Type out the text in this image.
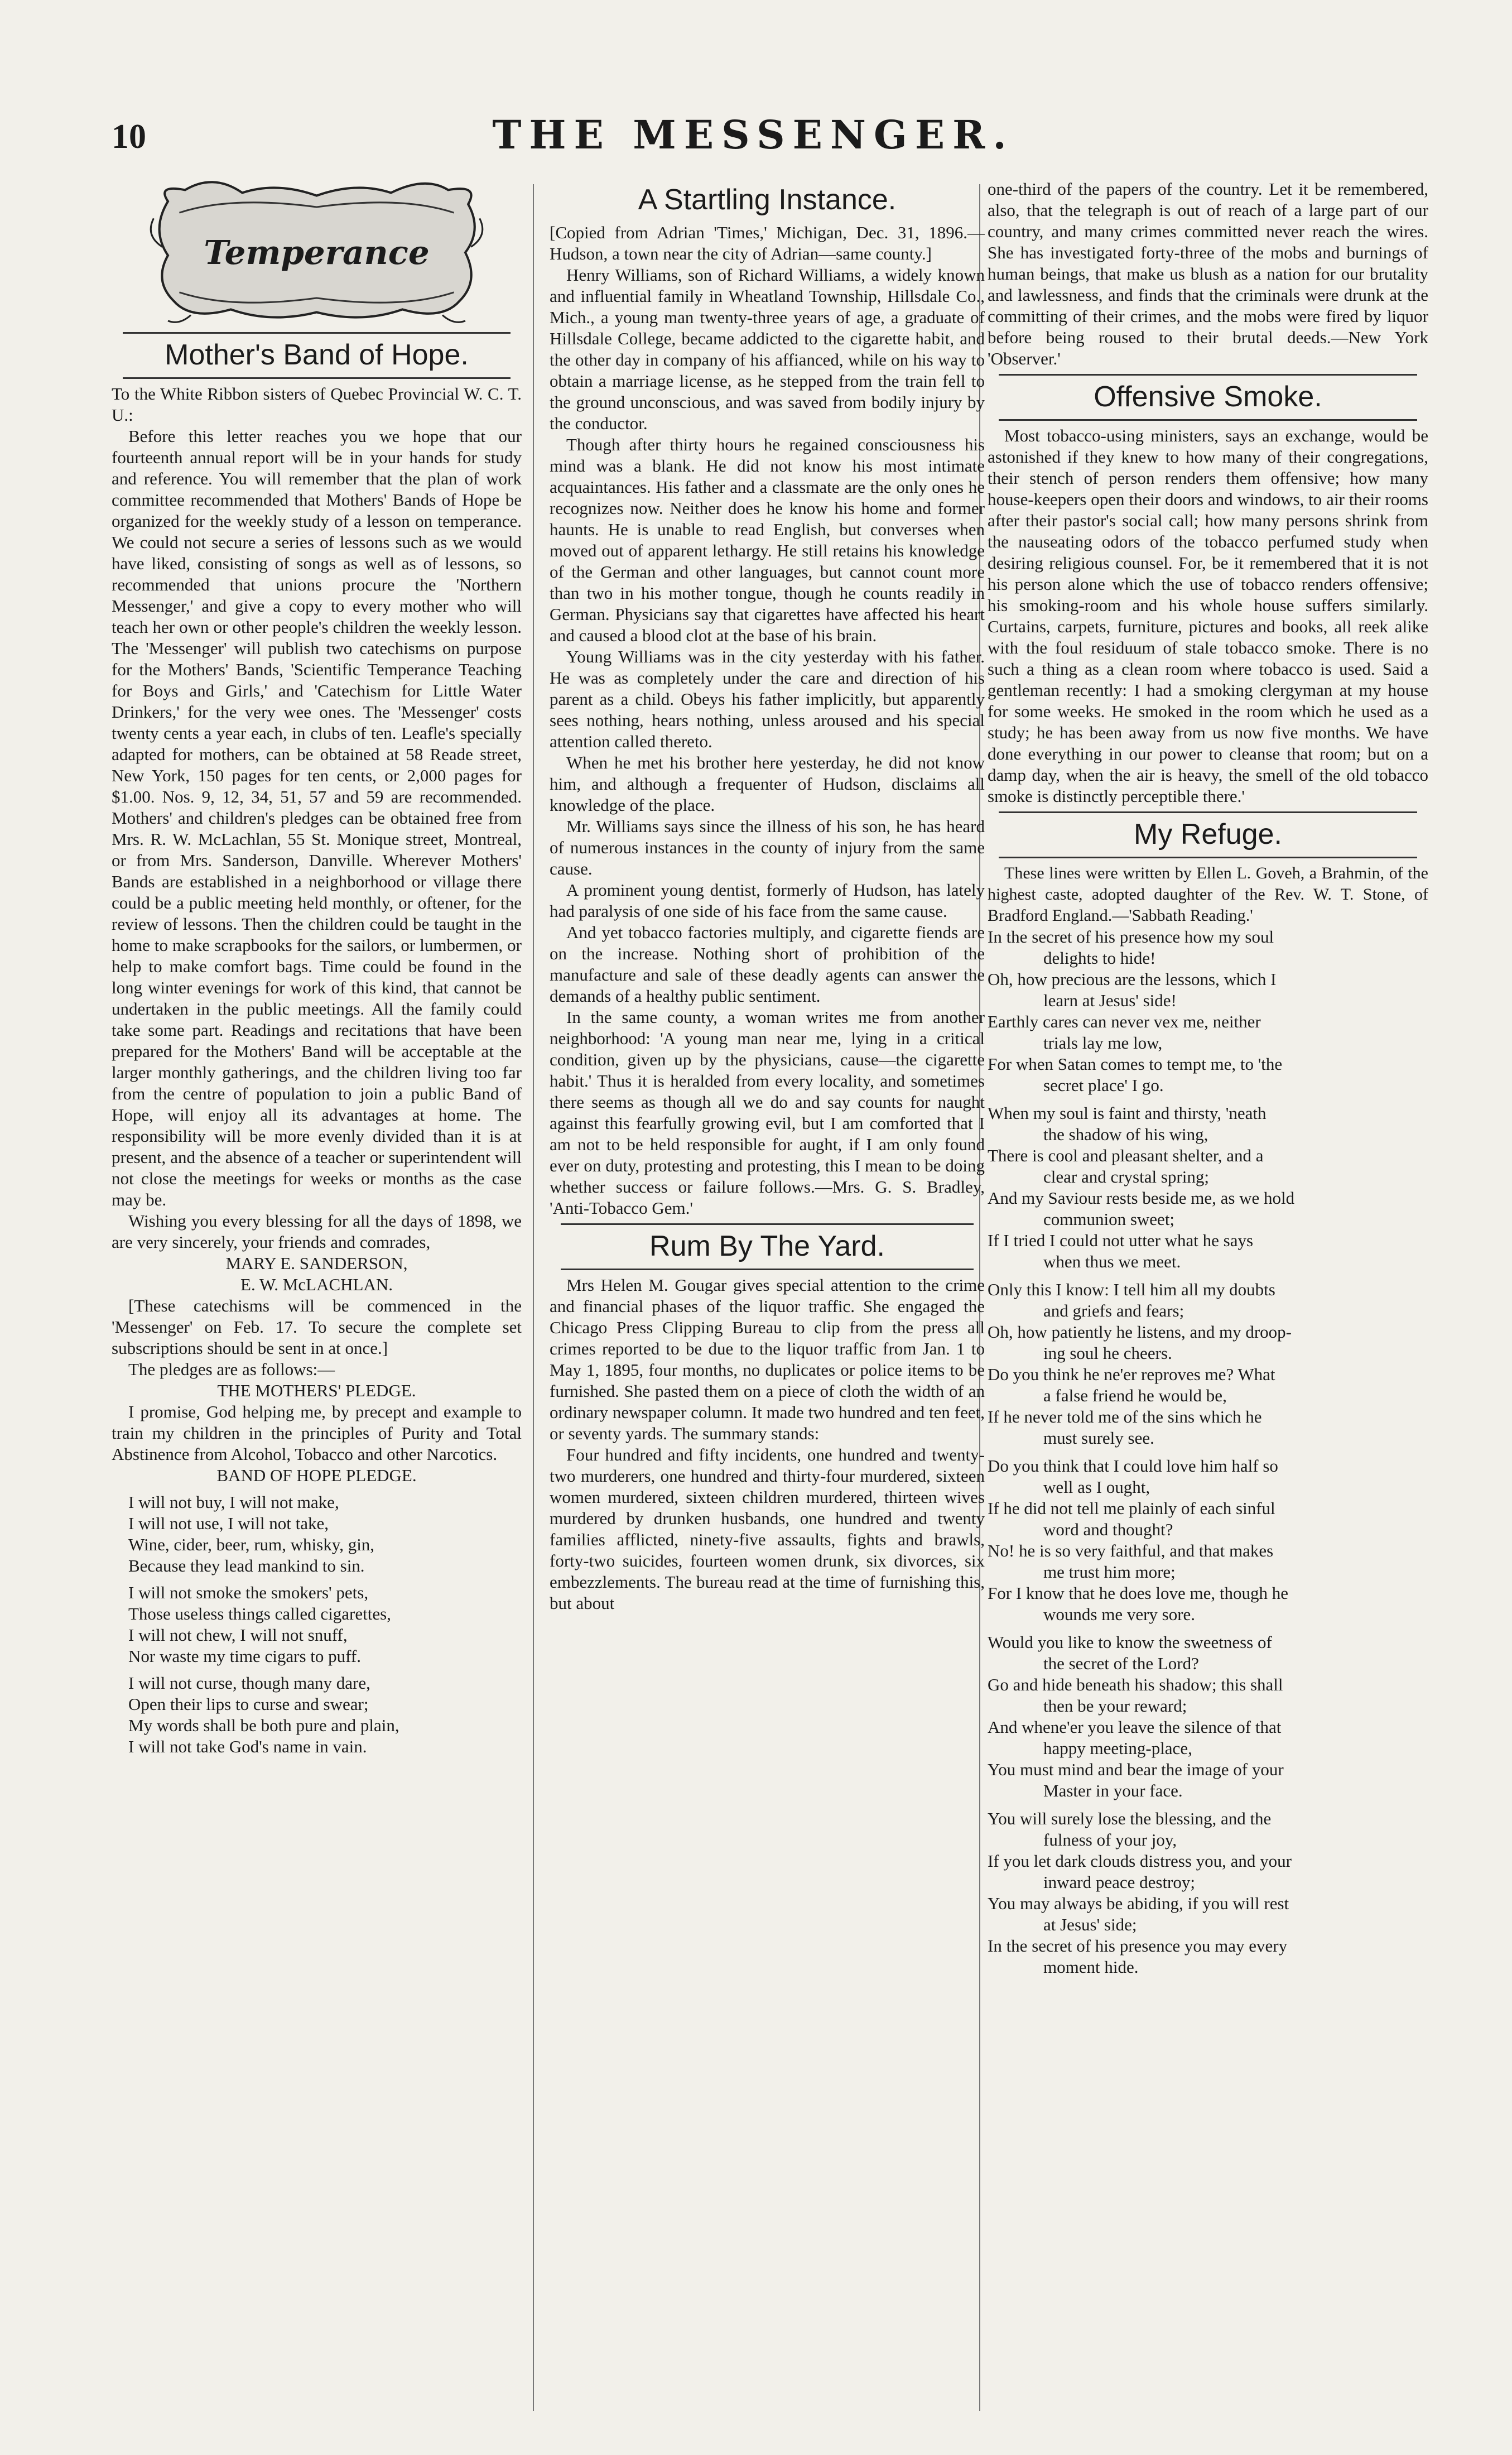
10	THE MESSENGER.
Temperance
Mother's Band of Hope.

To the White Ribbon sisters of Quebec Provincial W. C. T. U.:

Before this letter reaches you we hope that our fourteenth annual report will be in your hands for study and reference. You will remember that the plan of work committee recommended that Mothers' Bands of Hope be organized for the weekly study of a lesson on temperance. We could not secure a series of lessons such as we would have liked, consisting of songs as well as of lessons, so recommended that unions procure the 'Northern Messenger,' and give a copy to every mother who will teach her own or other people's children the weekly lesson. The 'Messenger' will publish two catechisms on purpose for the Mothers' Bands, 'Scientific Temperance Teaching for Boys and Girls,' and 'Catechism for Little Water Drinkers,' for the very wee ones. The 'Messenger' costs twenty cents a year each, in clubs of ten. Leafle's specially adapted for mothers, can be obtained at 58 Reade street, New York, 150 pages for ten cents, or 2,000 pages for $1.00. Nos. 9, 12, 34, 51, 57 and 59 are recommended. Mothers' and children's pledges can be obtained free from Mrs. R. W. McLachlan, 55 St. Monique street, Montreal, or from Mrs. Sanderson, Danville. Wherever Mothers' Bands are established in a neighborhood or village there could be a public meeting held monthly, or oftener, for the review of lessons. Then the children could be taught in the home to make scrapbooks for the sailors, or lumbermen, or help to make comfort bags. Time could be found in the long winter evenings for work of this kind, that cannot be undertaken in the public meetings. All the family could take some part. Readings and recitations that have been prepared for the Mothers' Band will be acceptable at the larger monthly gatherings, and the children living too far from the centre of population to join a public Band of Hope, will enjoy all its advantages at home. The responsibility will be more evenly divided than it is at present, and the absence of a teacher or superintendent will not close the meetings for weeks or months as the case may be.

Wishing you every blessing for all the days of 1898, we are very sincerely, your friends and comrades,

MARY E. SANDERSON,

E. W. McLACHLAN.

[These catechisms will be commenced in the 'Messenger' on Feb. 17. To secure the complete set subscriptions should be sent in at once.]

The pledges are as follows:—

THE MOTHERS' PLEDGE.

I promise, God helping me, by precept and example to train my children in the principles of Purity and Total Abstinence from Alcohol, Tobacco and other Narcotics.

BAND OF HOPE PLEDGE.

I will not buy, I will not make,

I will not use, I will not take,

Wine, cider, beer, rum, whisky, gin,

Because they lead mankind to sin.

I will not smoke the smokers' pets,

Those useless things called cigarettes,

I will not chew, I will not snuff,

Nor waste my time cigars to puff.

I will not curse, though many dare,

Open their lips to curse and swear;

My words shall be both pure and plain,

I will not take God's name in vain.

A Startling Instance.

[Copied from Adrian 'Times,' Michigan, Dec. 31, 1896.—Hudson, a town near the city of Adrian—same county.]

Henry Williams, son of Richard Williams, a widely known and influential family in Wheatland Township, Hillsdale Co., Mich., a young man twenty-three years of age, a graduate of Hillsdale College, became addicted to the cigarette habit, and the other day in company of his affianced, while on his way to obtain a marriage license, as he stepped from the train fell to the ground unconscious, and was saved from bodily injury by the conductor.

Though after thirty hours he regained consciousness his mind was a blank. He did not know his most intimate acquaintances. His father and a classmate are the only ones he recognizes now. Neither does he know his home and former haunts. He is unable to read English, but converses when moved out of apparent lethargy. He still retains his knowledge of the German and other languages, but cannot count more than two in his mother tongue, though he counts readily in German. Physicians say that cigarettes have affected his heart and caused a blood clot at the base of his brain.

Young Williams was in the city yesterday with his father. He was as completely under the care and direction of his parent as a child. Obeys his father implicitly, but apparently sees nothing, hears nothing, unless aroused and his special attention called thereto.

When he met his brother here yesterday, he did not know him, and although a frequenter of Hudson, disclaims all knowledge of the place.

Mr. Williams says since the illness of his son, he has heard of numerous instances in the county of injury from the same cause.

A prominent young dentist, formerly of Hudson, has lately had paralysis of one side of his face from the same cause.

And yet tobacco factories multiply, and cigarette fiends are on the increase. Nothing short of prohibition of the manufacture and sale of these deadly agents can answer the demands of a healthy public sentiment.

In the same county, a woman writes me from another neighborhood: 'A young man near me, lying in a critical condition, given up by the physicians, cause—the cigarette habit.' Thus it is heralded from every locality, and sometimes there seems as though all we do and say counts for naught against this fearfully growing evil, but I am comforted that I am not to be held responsible for aught, if I am only found ever on duty, protesting and protesting, this I mean to be doing whether success or failure follows.—Mrs. G. S. Bradley, 'Anti-Tobacco Gem.'

Rum By The Yard.

Mrs Helen M. Gougar gives special attention to the crime and financial phases of the liquor traffic. She engaged the Chicago Press Clipping Bureau to clip from the press all crimes reported to be due to the liquor traffic from Jan. 1 to May 1, 1895, four months, no duplicates or police items to be furnished. She pasted them on a piece of cloth the width of an ordinary newspaper column. It made two hundred and ten feet, or seventy yards. The summary stands:

Four hundred and fifty incidents, one hundred and twenty-two murderers, one hundred and thirty-four murdered, sixteen women murdered, sixteen children murdered, thirteen wives murdered by drunken husbands, one hundred and twenty families afflicted, ninety-five assaults, fights and brawls, forty-two suicides, fourteen women drunk, six divorces, six embezzlements. The bureau read at the time of furnishing this, but about

one-third of the papers of the country. Let it be remembered, also, that the telegraph is out of reach of a large part of our country, and many crimes committed never reach the wires. She has investigated forty-three of the mobs and burnings of human beings, that make us blush as a nation for our brutality and lawlessness, and finds that the criminals were drunk at the committing of their crimes, and the mobs were fired by liquor before being roused to their brutal deeds.—New York 'Observer.'

Offensive Smoke.

Most tobacco-using ministers, says an exchange, would be astonished if they knew to how many of their congregations, their stench of person renders them offensive; how many house-keepers open their doors and windows, to air their rooms after their pastor's social call; how many persons shrink from the nauseating odors of the tobacco perfumed study when desiring religious counsel. For, be it remembered that it is not his person alone which the use of tobacco renders offensive; his smoking-room and his whole house suffers similarly. Curtains, carpets, furniture, pictures and books, all reek alike with the foul residuum of stale tobacco smoke. There is no such a thing as a clean room where tobacco is used. Said a gentleman recently: I had a smoking clergyman at my house for some weeks. He smoked in the room which he used as a study; he has been away from us now five months. We have done everything in our power to cleanse that room; but on a damp day, when the air is heavy, the smell of the old tobacco smoke is distinctly perceptible there.'

My Refuge.

These lines were written by Ellen L. Goveh, a Brahmin, of the highest caste, adopted daughter of the Rev. W. T. Stone, of Bradford England.—'Sabbath Reading.'

In the secret of his presence how my soul
delights to hide!
Oh, how precious are the lessons, which I
learn at Jesus' side!
Earthly cares can never vex me, neither
trials lay me low,
For when Satan comes to tempt me, to 'the
secret place' I go.
When my soul is faint and thirsty, 'neath
the shadow of his wing,
There is cool and pleasant shelter, and a
clear and crystal spring;
And my Saviour rests beside me, as we hold
communion sweet;
If I tried I could not utter what he says
when thus we meet.
Only this I know: I tell him all my doubts
and griefs and fears;
Oh, how patiently he listens, and my droop-
ing soul he cheers.
Do you think he ne'er reproves me? What
a false friend he would be,
If he never told me of the sins which he
must surely see.
Do you think that I could love him half so
well as I ought,
If he did not tell me plainly of each sinful
word and thought?
No! he is so very faithful, and that makes
me trust him more;
For I know that he does love me, though he
wounds me very sore.
Would you like to know the sweetness of
the secret of the Lord?
Go and hide beneath his shadow; this shall
then be your reward;
And whene'er you leave the silence of that
happy meeting-place,
You must mind and bear the image of your
Master in your face.
You will surely lose the blessing, and the
fulness of your joy,
If you let dark clouds distress you, and your
inward peace destroy;
You may always be abiding, if you will rest
at Jesus' side;
In the secret of his presence you may every
moment hide.
